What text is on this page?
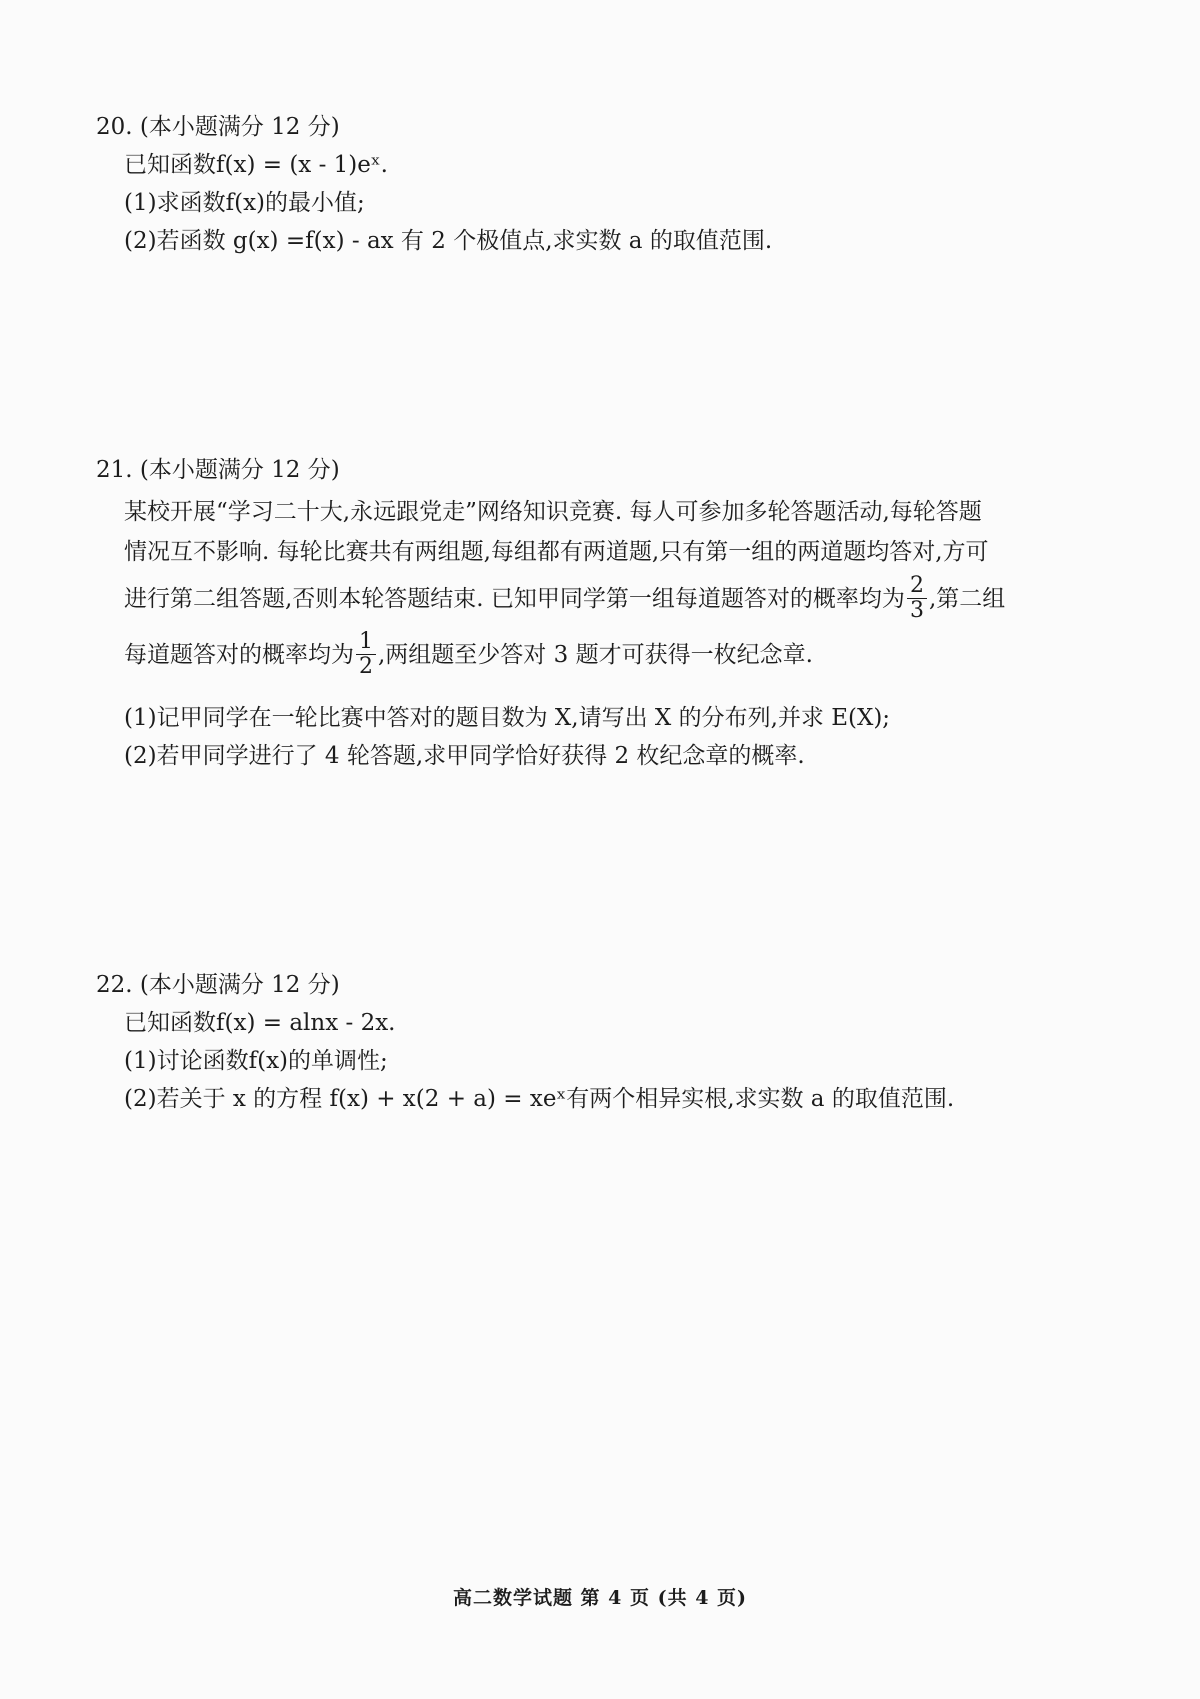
20. (本小题满分 12 分)
已知函数f(x) = (x - 1)eˣ.
(1)求函数f(x)的最小值;
(2)若函数 g(x) =f(x) - ax 有 2 个极值点,求实数 a 的取值范围.
21. (本小题满分 12 分)
某校开展“学习二十大,永远跟党走”网络知识竞赛. 每人可参加多轮答题活动,每轮答题
情况互不影响. 每轮比赛共有两组题,每组都有两道题,只有第一组的两道题均答对,方可
进行第二组答题,否则本轮答题结束. 已知甲同学第一组每道题答对的概率均为 $\frac{2}{3}$ ,第二组
每道题答对的概率均为 $\frac{1}{2}$ ,两组题至少答对 3 题才可获得一枚纪念章.
(1)记甲同学在一轮比赛中答对的题目数为 X,请写出 X 的分布列,并求 E(X);
(2)若甲同学进行了 4 轮答题,求甲同学恰好获得 2 枚纪念章的概率.
22. (本小题满分 12 分)
已知函数f(x) = alnx - 2x.
(1)讨论函数f(x)的单调性;
(2)若关于 x 的方程 f(x) + x(2 + a) = xeˣ有两个相异实根,求实数 a 的取值范围.
高二数学试题 第 4 页 (共 4 页)
